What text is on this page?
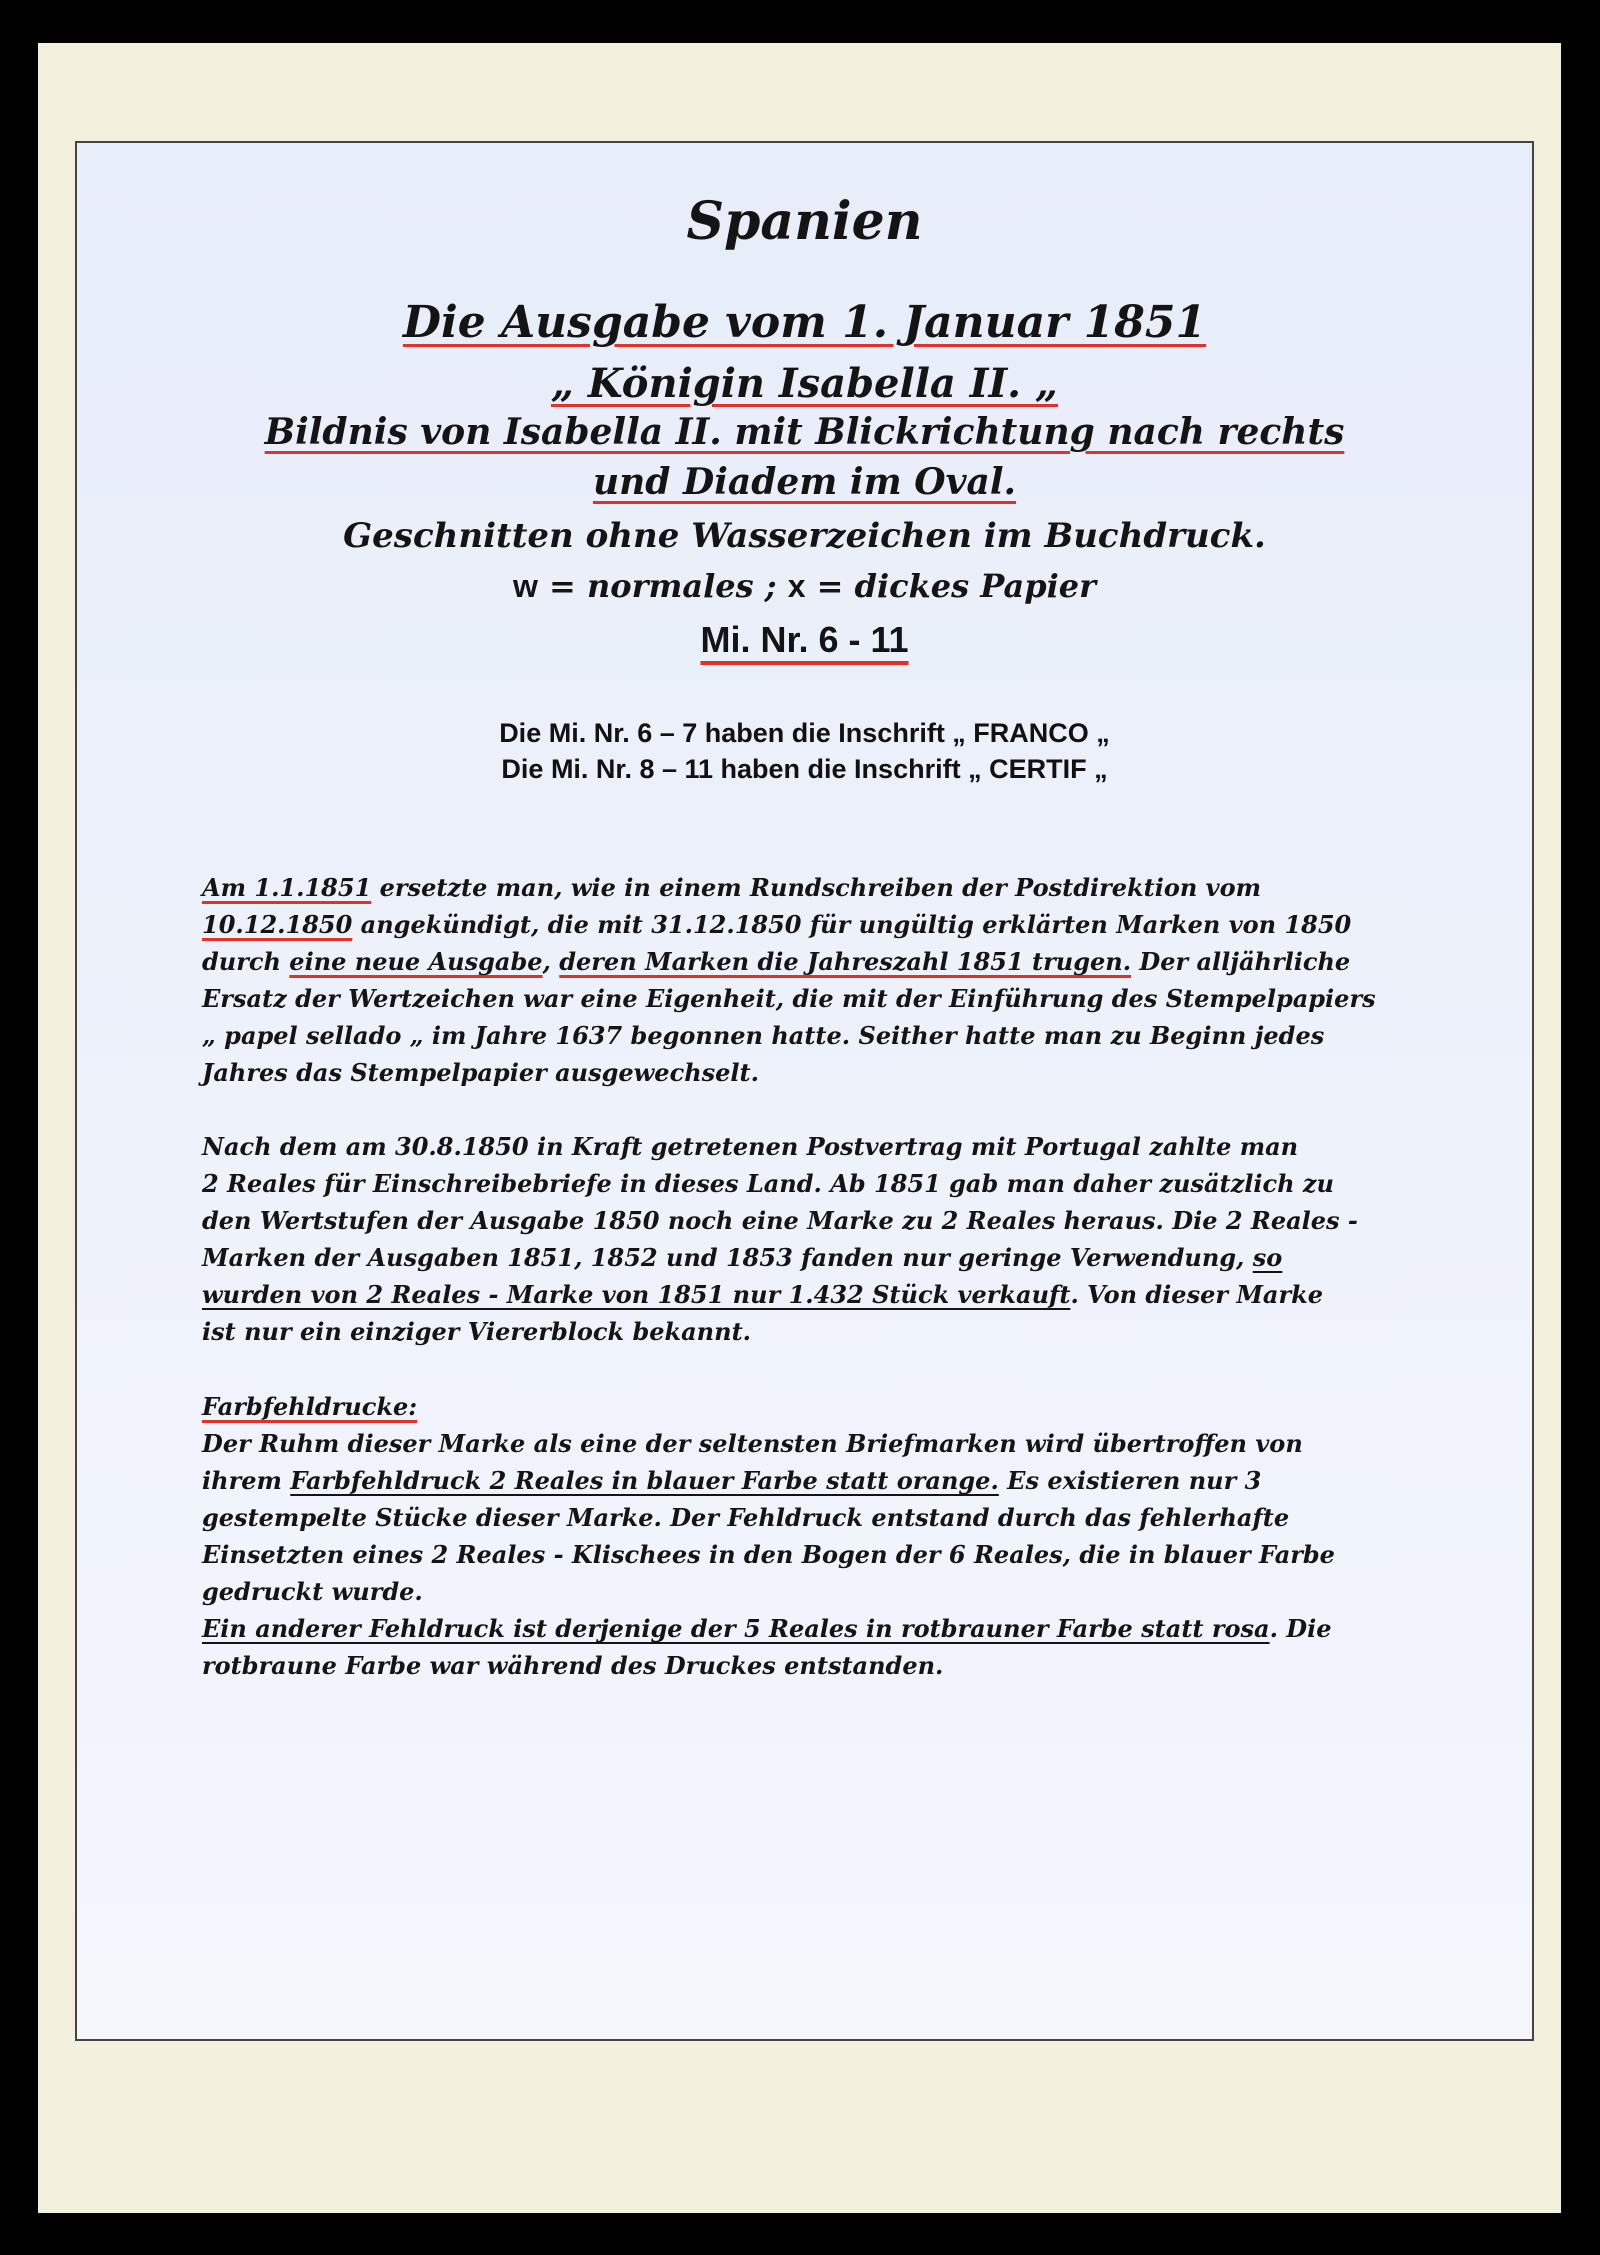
Spanien

Die Ausgabe vom 1. Januar 1851

„ Königin Isabella II. „

Bildnis von Isabella II. mit Blickrichtung nach rechts

und Diadem im Oval.

Geschnitten ohne Wasserzeichen im Buchdruck.

w = normales ; x = dickes Papier

Mi. Nr. 6 - 11

Die Mi. Nr. 6 – 7 haben die Inschrift „ FRANCO „

Die Mi. Nr. 8 – 11 haben die Inschrift „ CERTIF „

Am 1.1.1851 ersetzte man, wie in einem Rundschreiben der Postdirektion vom
10.12.1850 angekündigt, die mit 31.12.1850 für ungültig erklärten Marken von 1850
durch eine neue Ausgabe, deren Marken die Jahreszahl 1851 trugen. Der alljährliche
Ersatz der Wertzeichen war eine Eigenheit, die mit der Einführung des Stempelpapiers
„ papel sellado „ im Jahre 1637 begonnen hatte. Seither hatte man zu Beginn jedes
Jahres das Stempelpapier ausgewechselt.
Nach dem am 30.8.1850 in Kraft getretenen Postvertrag mit Portugal zahlte man
2 Reales für Einschreibebriefe in dieses Land. Ab 1851 gab man daher zusätzlich zu
den Wertstufen der Ausgabe 1850 noch eine Marke zu 2 Reales heraus. Die 2 Reales -
Marken der Ausgaben 1851, 1852 und 1853 fanden nur geringe Verwendung, so
wurden von 2 Reales - Marke von 1851 nur 1.432 Stück verkauft. Von dieser Marke
ist nur ein einziger Viererblock bekannt.
Farbfehldrucke:
Der Ruhm dieser Marke als eine der seltensten Briefmarken wird übertroffen von
ihrem Farbfehldruck 2 Reales in blauer Farbe statt orange. Es existieren nur 3
gestempelte Stücke dieser Marke. Der Fehldruck entstand durch das fehlerhafte
Einsetzten eines 2 Reales - Klischees in den Bogen der 6 Reales, die in blauer Farbe
gedruckt wurde.
Ein anderer Fehldruck ist derjenige der 5 Reales in rotbrauner Farbe statt rosa. Die
rotbraune Farbe war während des Druckes entstanden.
